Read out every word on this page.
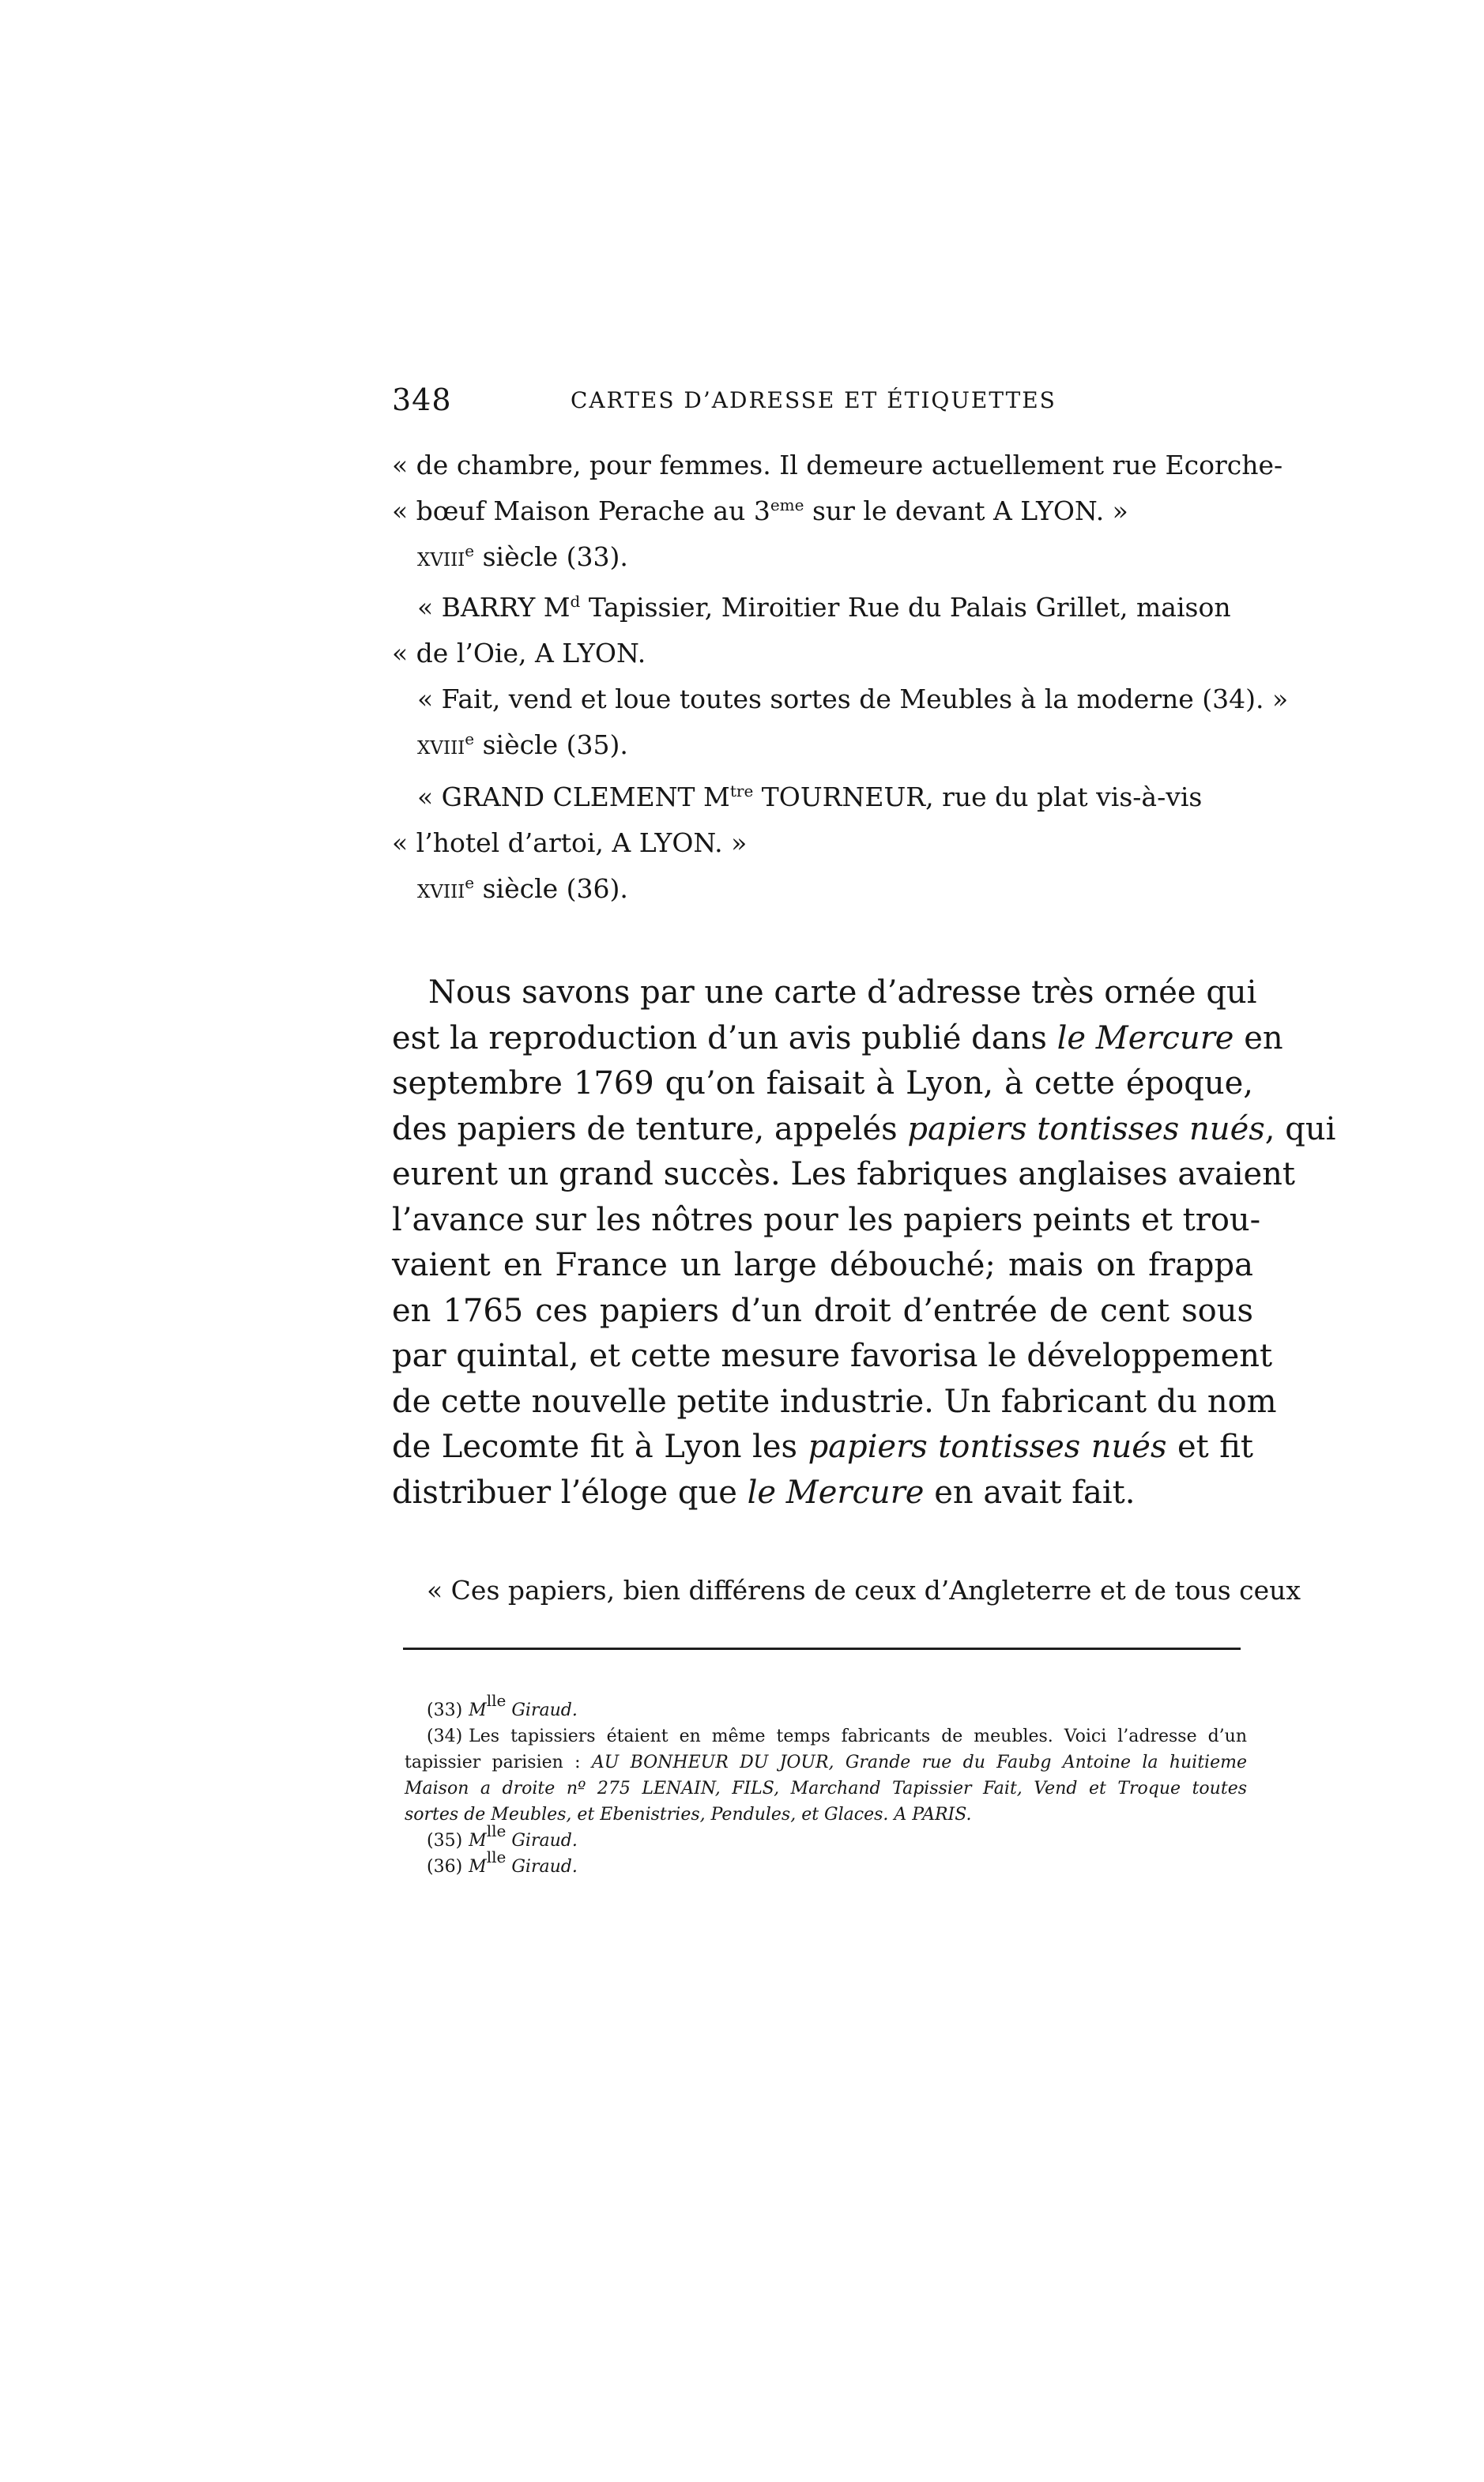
348	CARTES D’ADRESSE ET ÉTIQUETTES
« de chambre, pour femmes. Il demeure actuellement rue Ecorche-
« bœuf Maison Perache au 3eme sur le devant A LYON. »
xviii$^e$ siècle (33).
« BARRY $M^d$ Tapissier, Miroitier Rue du Palais Grillet, maison
« de l’Oie, A LYON.
« Fait, vend et loue toutes sortes de Meubles à la moderne (34). »
xviii$^e$ siècle (35).
« GRAND CLEMENT $M^{tre}$ TOURNEUR, rue du plat vis-à-vis
« l’hotel d’artoi, A LYON. »
xviii$^e$ siècle (36).
Nous savons par une carte d’adresse très ornée qui
est la reproduction d’un avis publié dans le Mercure en
septembre 1769 qu’on faisait à Lyon, à cette époque,
des papiers de tenture, appelés papiers tontisses nués, qui
eurent un grand succès. Les fabriques anglaises avaient
l’avance sur les nôtres pour les papiers peints et trou-
vaient en France un large débouché; mais on frappa
en 1765 ces papiers d’un droit d’entrée de cent sous
par quintal, et cette mesure favorisa le développement
de cette nouvelle petite industrie. Un fabricant du nom
de Lecomte fit à Lyon les papiers tontisses nués et fit
distribuer l’éloge que le Mercure en avait fait.
« Ces papiers, bien différens de ceux d’Angleterre et de tous ceux
(33) $M^{lle}$ Giraud.
(34) Les tapissiers étaient en même temps fabricants de meubles. Voici l’adresse d’un
tapissier parisien : AU BONHEUR DU JOUR, Grande rue du Faubg Antoine la huitieme
Maison a droite nº 275 LENAIN, FILS, Marchand Tapissier Fait, Vend et Troque toutes
sortes de Meubles, et Ebenistries, Pendules, et Glaces. A PARIS.
(35) $M^{lle}$ Giraud.
(36) $M^{lle}$ Giraud.
